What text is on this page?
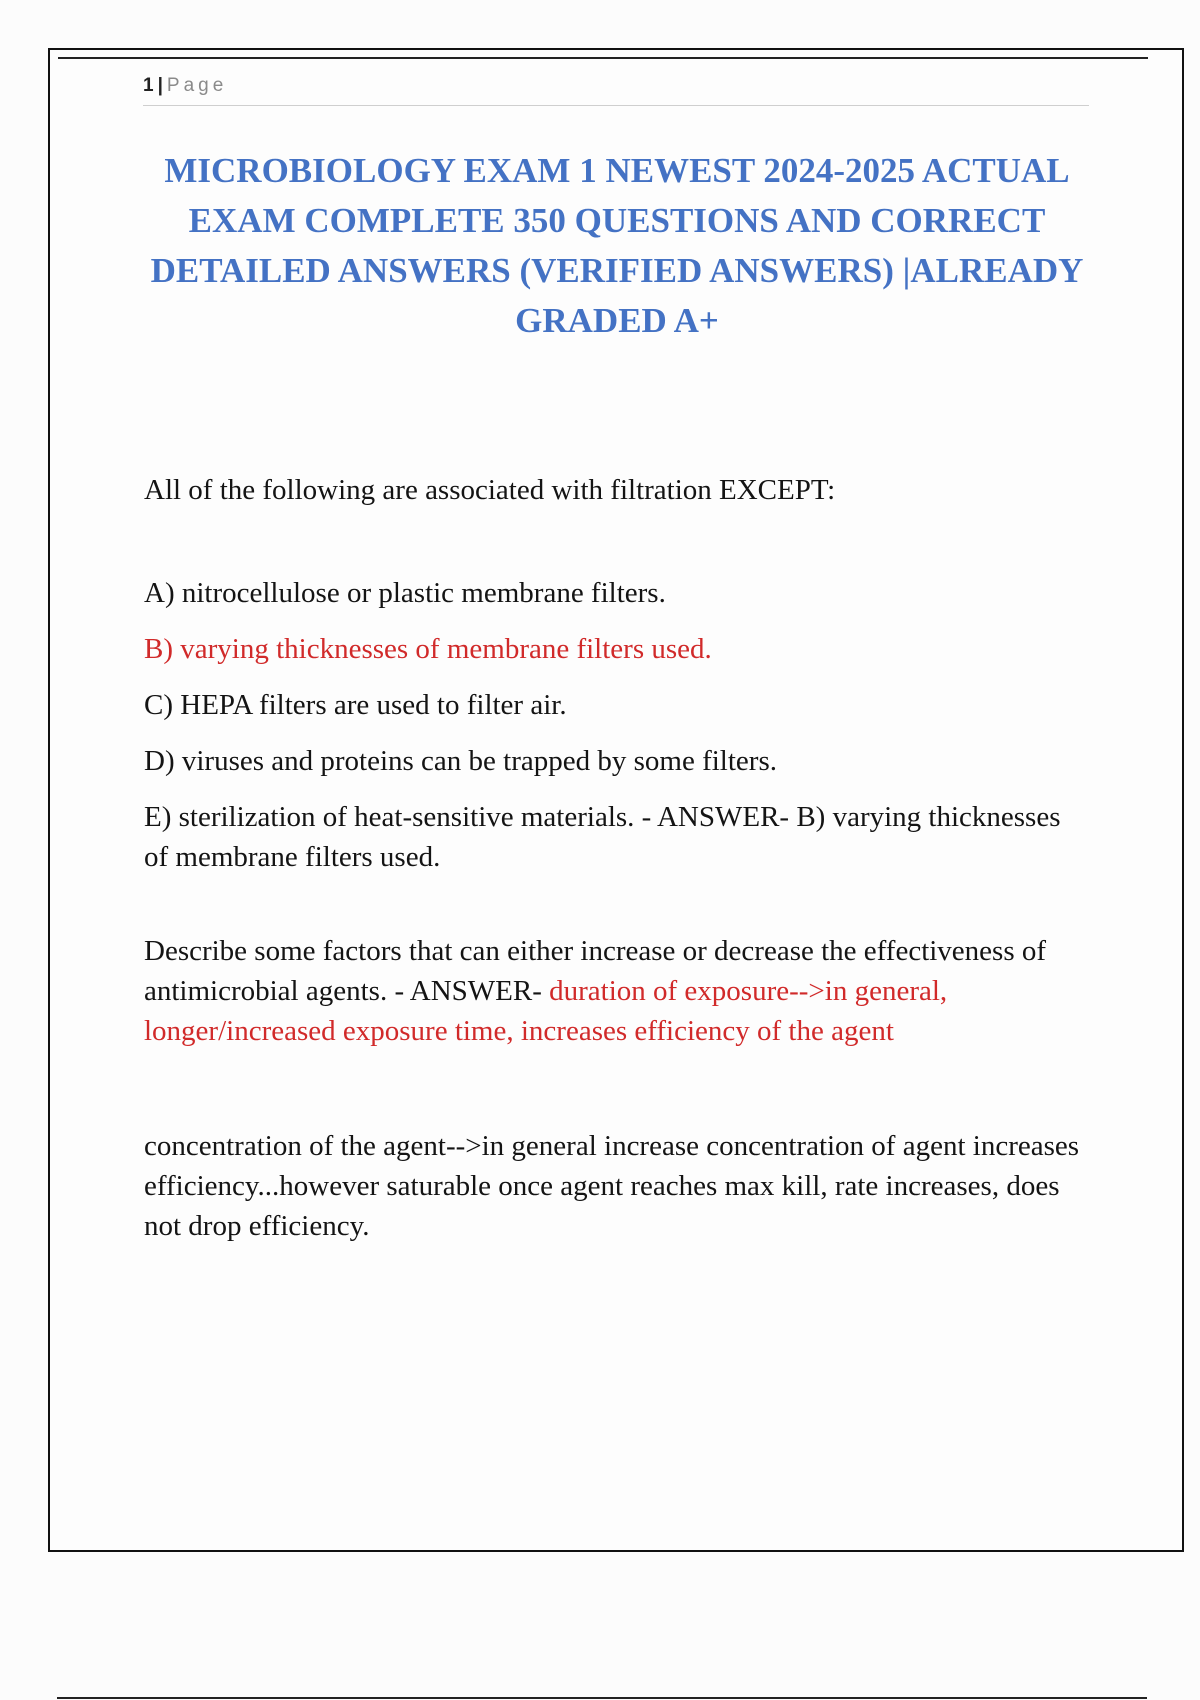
1 | Page
MICROBIOLOGY EXAM 1 NEWEST 2024-2025 ACTUAL EXAM COMPLETE 350 QUESTIONS AND CORRECT DETAILED ANSWERS (VERIFIED ANSWERS) |ALREADY GRADED A+

All of the following are associated with filtration EXCEPT:

A) nitrocellulose or plastic membrane filters.

B) varying thicknesses of membrane filters used.

C) HEPA filters are used to filter air.

D) viruses and proteins can be trapped by some filters.

E) sterilization of heat-sensitive materials. - ANSWER- B) varying thicknesses of membrane filters used.

Describe some factors that can either increase or decrease the effectiveness of antimicrobial agents. - ANSWER- duration of exposure-->in general, longer/increased exposure time, increases efficiency of the agent

concentration of the agent-->in general increase concentration of agent increases efficiency...however saturable once agent reaches max kill, rate increases, does not drop efficiency.
